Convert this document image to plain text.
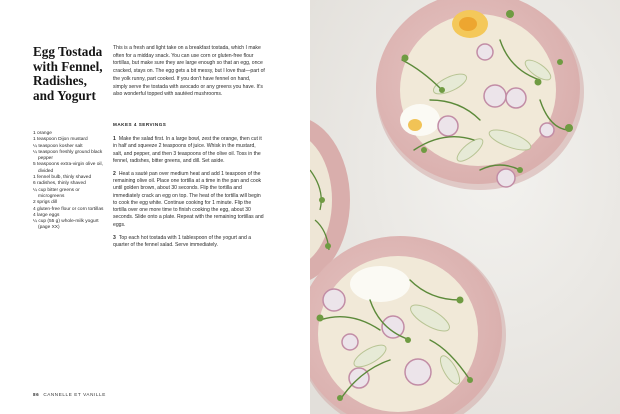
Egg Tostada with Fennel, Radishes, and Yogurt

This is a fresh and light take on a breakfast tostada, which I make often for a midday snack. You can use corn or gluten-free flour tortillas, but make sure they are large enough so that an egg, once cracked, stays on. The egg gets a bit messy, but I love that—part of the yolk runny, part cooked. If you don't have fennel on hand, simply serve the tostada with avocado or any greens you have. It's also wonderful topped with sautéed mushrooms.

MAKES 4 SERVINGS
1 orange
1 teaspoon Dijon mustard
¼ teaspoon kosher salt
¼ teaspoon freshly ground black pepper
5 teaspoons extra-virgin olive oil, divided
1 fennel bulb, thinly shaved
6 radishes, thinly shaved
¼ cup bitter greens or microgreens
2 sprigs dill
4 gluten-free flour or corn tortillas
4 large eggs
¼ cup (55 g) whole-milk yogurt (page XX)
1 Make the salad first. In a large bowl, zest the orange, then cut it in half and squeeze 2 teaspoons of juice. Whisk in the mustard, salt, and pepper, and then 3 teaspoons of the olive oil. Toss in the fennel, radishes, bitter greens, and dill. Set aside.
2 Heat a sauté pan over medium heat and add 1 teaspoon of the remaining olive oil. Place one tortilla at a time in the pan and cook until golden brown, about 30 seconds. Flip the tortilla and immediately crack an egg on top. The heat of the tortilla will begin to cook the egg white. Continue cooking for 1 minute. Flip the tortilla over one more time to finish cooking the egg, about 30 seconds. Slide onto a plate. Repeat with the remaining tortillas and eggs.
3 Top each hot tostada with 1 tablespoon of the yogurt and a quarter of the fennel salad. Serve immediately.
86 CANNELLE ET VANILLE
